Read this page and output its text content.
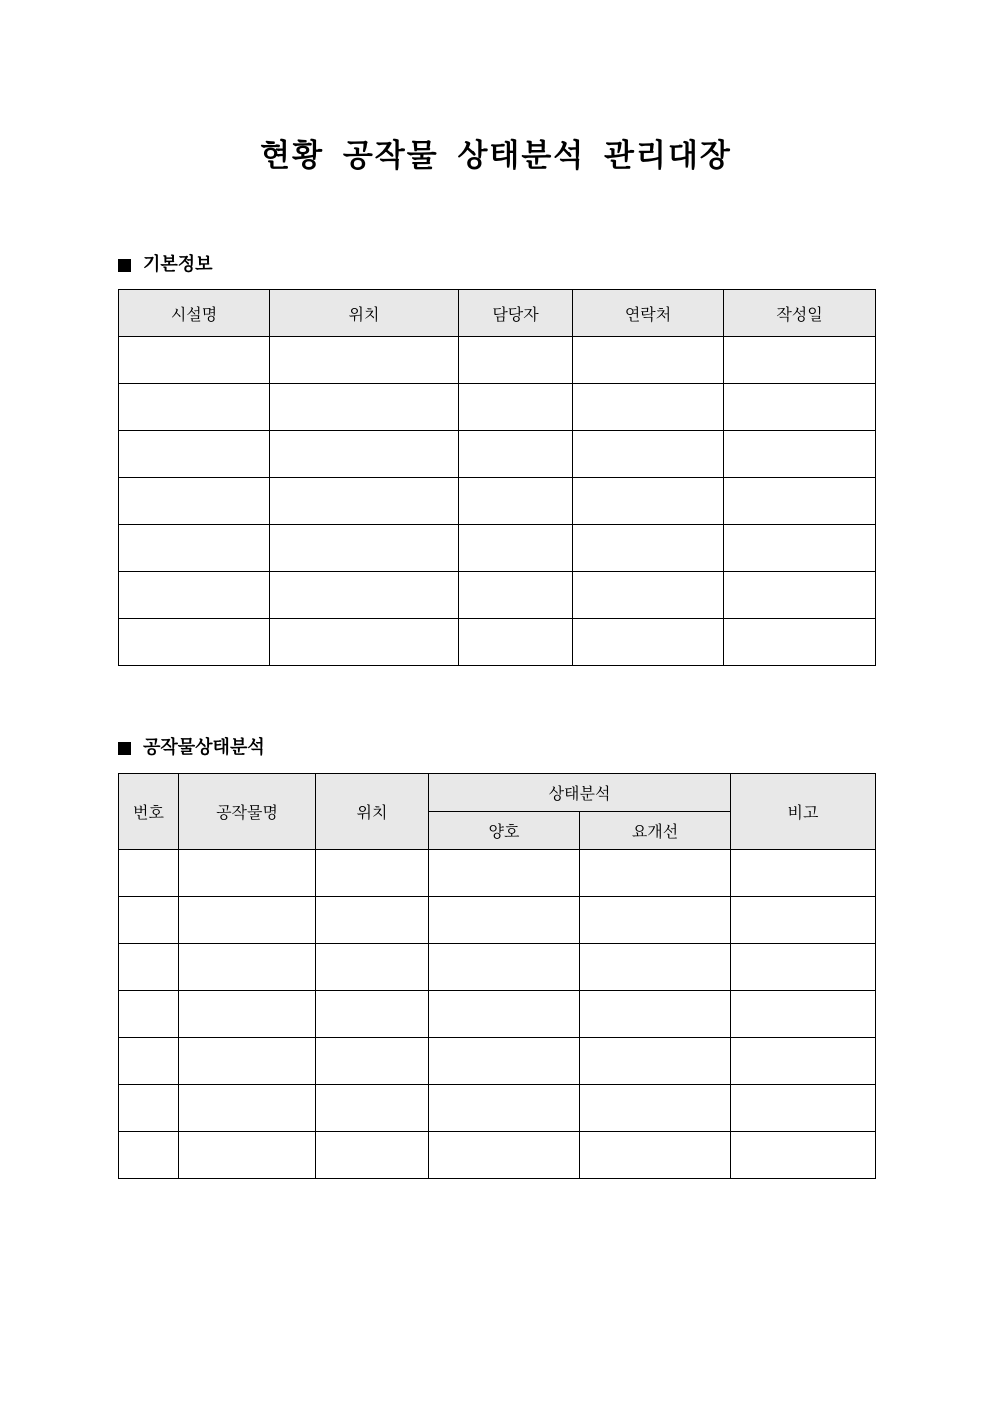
현황 공작물 상태분석 관리대장
기본정보
시설명	위치	담당자	연락처	작성일

공작물상태분석
번호	공작물명	위치	상태분석		비고
			양호	요개선	
